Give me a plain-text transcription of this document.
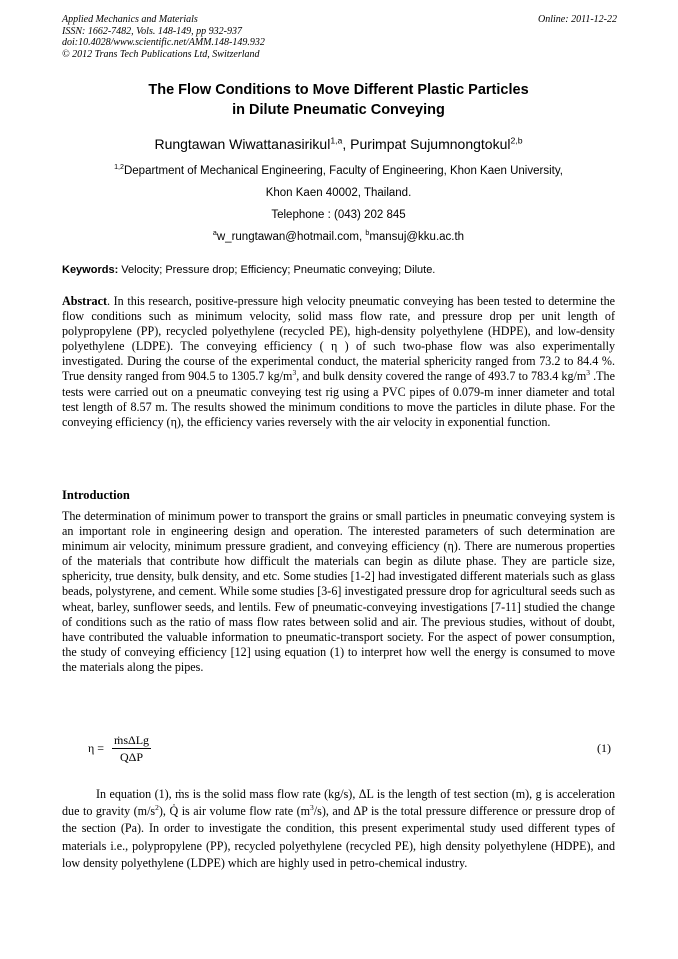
Applied Mechanics and Materials
ISSN: 1662-7482, Vols. 148-149, pp 932-937
doi:10.4028/www.scientific.net/AMM.148-149.932
© 2012 Trans Tech Publications Ltd, Switzerland
Online: 2011-12-22
The Flow Conditions to Move Different Plastic Particles
in Dilute Pneumatic Conveying
Rungtawan Wiwattanasirikul$^{1,a}$, Purimpat Sujumnongtokul$^{2,b}$
$^{1,2}$Department of Mechanical Engineering, Faculty of Engineering, Khon Kaen University,
Khon Kaen 40002, Thailand.
Telephone : (043) 202 845
$^a$w_rungtawan@hotmail.com, $^b$mansuj@kku.ac.th
Keywords: Velocity; Pressure drop; Efficiency; Pneumatic conveying; Dilute.

Abstract. In this research, positive-pressure high velocity pneumatic conveying has been tested to determine the flow conditions such as minimum velocity, solid mass flow rate, and pressure drop per unit length of polypropylene (PP), recycled polyethylene (recycled PE), high-density polyethylene (HDPE), and low-density polyethylene (LDPE). The conveying efficiency ( η ) of such two-phase flow was also experimentally investigated. During the course of the experimental conduct, the material sphericity ranged from 73.2 to 84.4 %. True density ranged from 904.5 to 1305.7 $kg/m^3$, and bulk density covered the range of 493.7 to 783.4 $kg/m^3$ .The tests were carried out on a pneumatic conveying test rig using a PVC pipes of 0.079-m inner diameter and total test length of 8.57 m. The results showed the minimum conditions to move the particles in dilute phase. For the conveying efficiency (η), the efficiency varies reversely with the air velocity in exponential function.

Introduction

The determination of minimum power to transport the grains or small particles in pneumatic conveying system is an important role in engineering design and operation. The interested parameters of such determination are minimum air velocity, minimum pressure gradient, and conveying efficiency (η). There are numerous properties of the materials that contribute how difficult the materials can begin as dilute phase. They are particle size, sphericity, true density, bulk density, and etc. Some studies [1-2] had investigated different materials such as glass beads, polystyrene, and cement. While some studies [3-6] investigated pressure drop for agricultural seeds such as wheat, barley, sunflower seeds, and lentils. Few of pneumatic-conveying investigations [7-11] studied the change of conditions such as the ratio of mass flow rates between solid and air. The previous studies, without of doubt, have contributed the valuable information to pneumatic-transport society. For the aspect of power consumption, the study of conveying efficiency [12] using equation (1) to interpret how well the energy is consumed to move the materials along the pipes.

η =
ṁsΔLg
QΔP
(1)

In equation (1), ṁs is the solid mass flow rate (kg/s), ΔL is the length of test section (m), g is acceleration due to gravity $(m/s^2)$, Q̇ is air volume flow rate $(m^3/s)$, and ΔP is the total pressure difference or pressure drop of the section (Pa). In order to investigate the condition, this present experimental study used different types of materials i.e., polypropylene (PP), recycled polyethylene (recycled PE), high density polyethylene (HDPE), and low density polyethylene (LDPE) which are highly used in petro-chemical industry.
